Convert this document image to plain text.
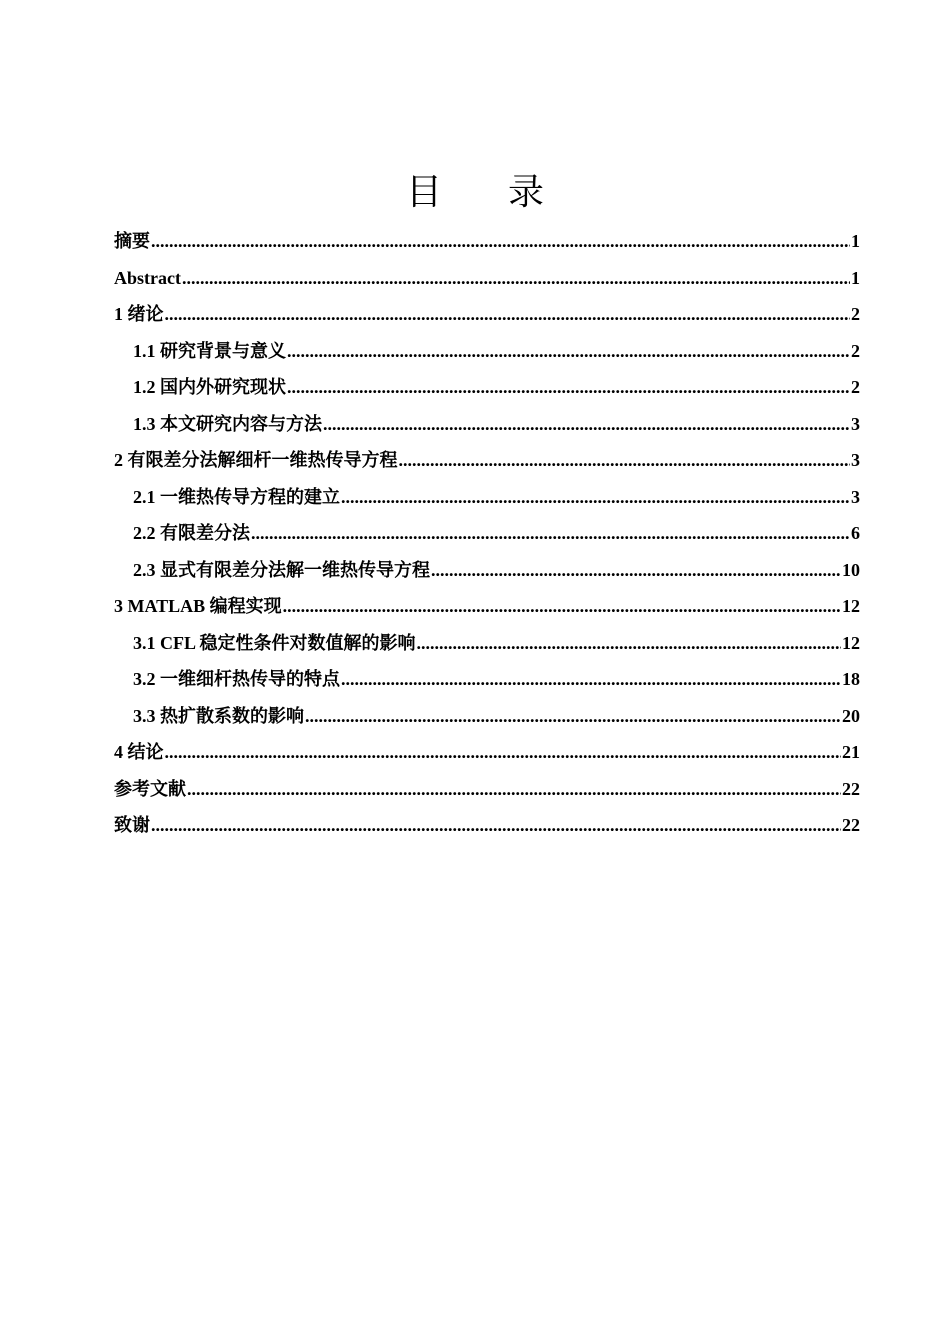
目 录
摘要 .....	1
Abstract .....	1
1 绪论 .....	2
1.1 研究背景与意义 .....	2
1.2 国内外研究现状 .....	2
1.3 本文研究内容与方法 .....	3
2 有限差分法解细杆一维热传导方程 .....	3
2.1 一维热传导方程的建立 .....	3
2.2 有限差分法 .....	6
2.3 显式有限差分法解一维热传导方程 .....	10
3 MATLAB 编程实现 .....	12
3.1 CFL 稳定性条件对数值解的影响 .....	12
3.2 一维细杆热传导的特点 .....	18
3.3 热扩散系数的影响 .....	20
4 结论 .....	21
参考文献 .....	22
致谢 .....	22
